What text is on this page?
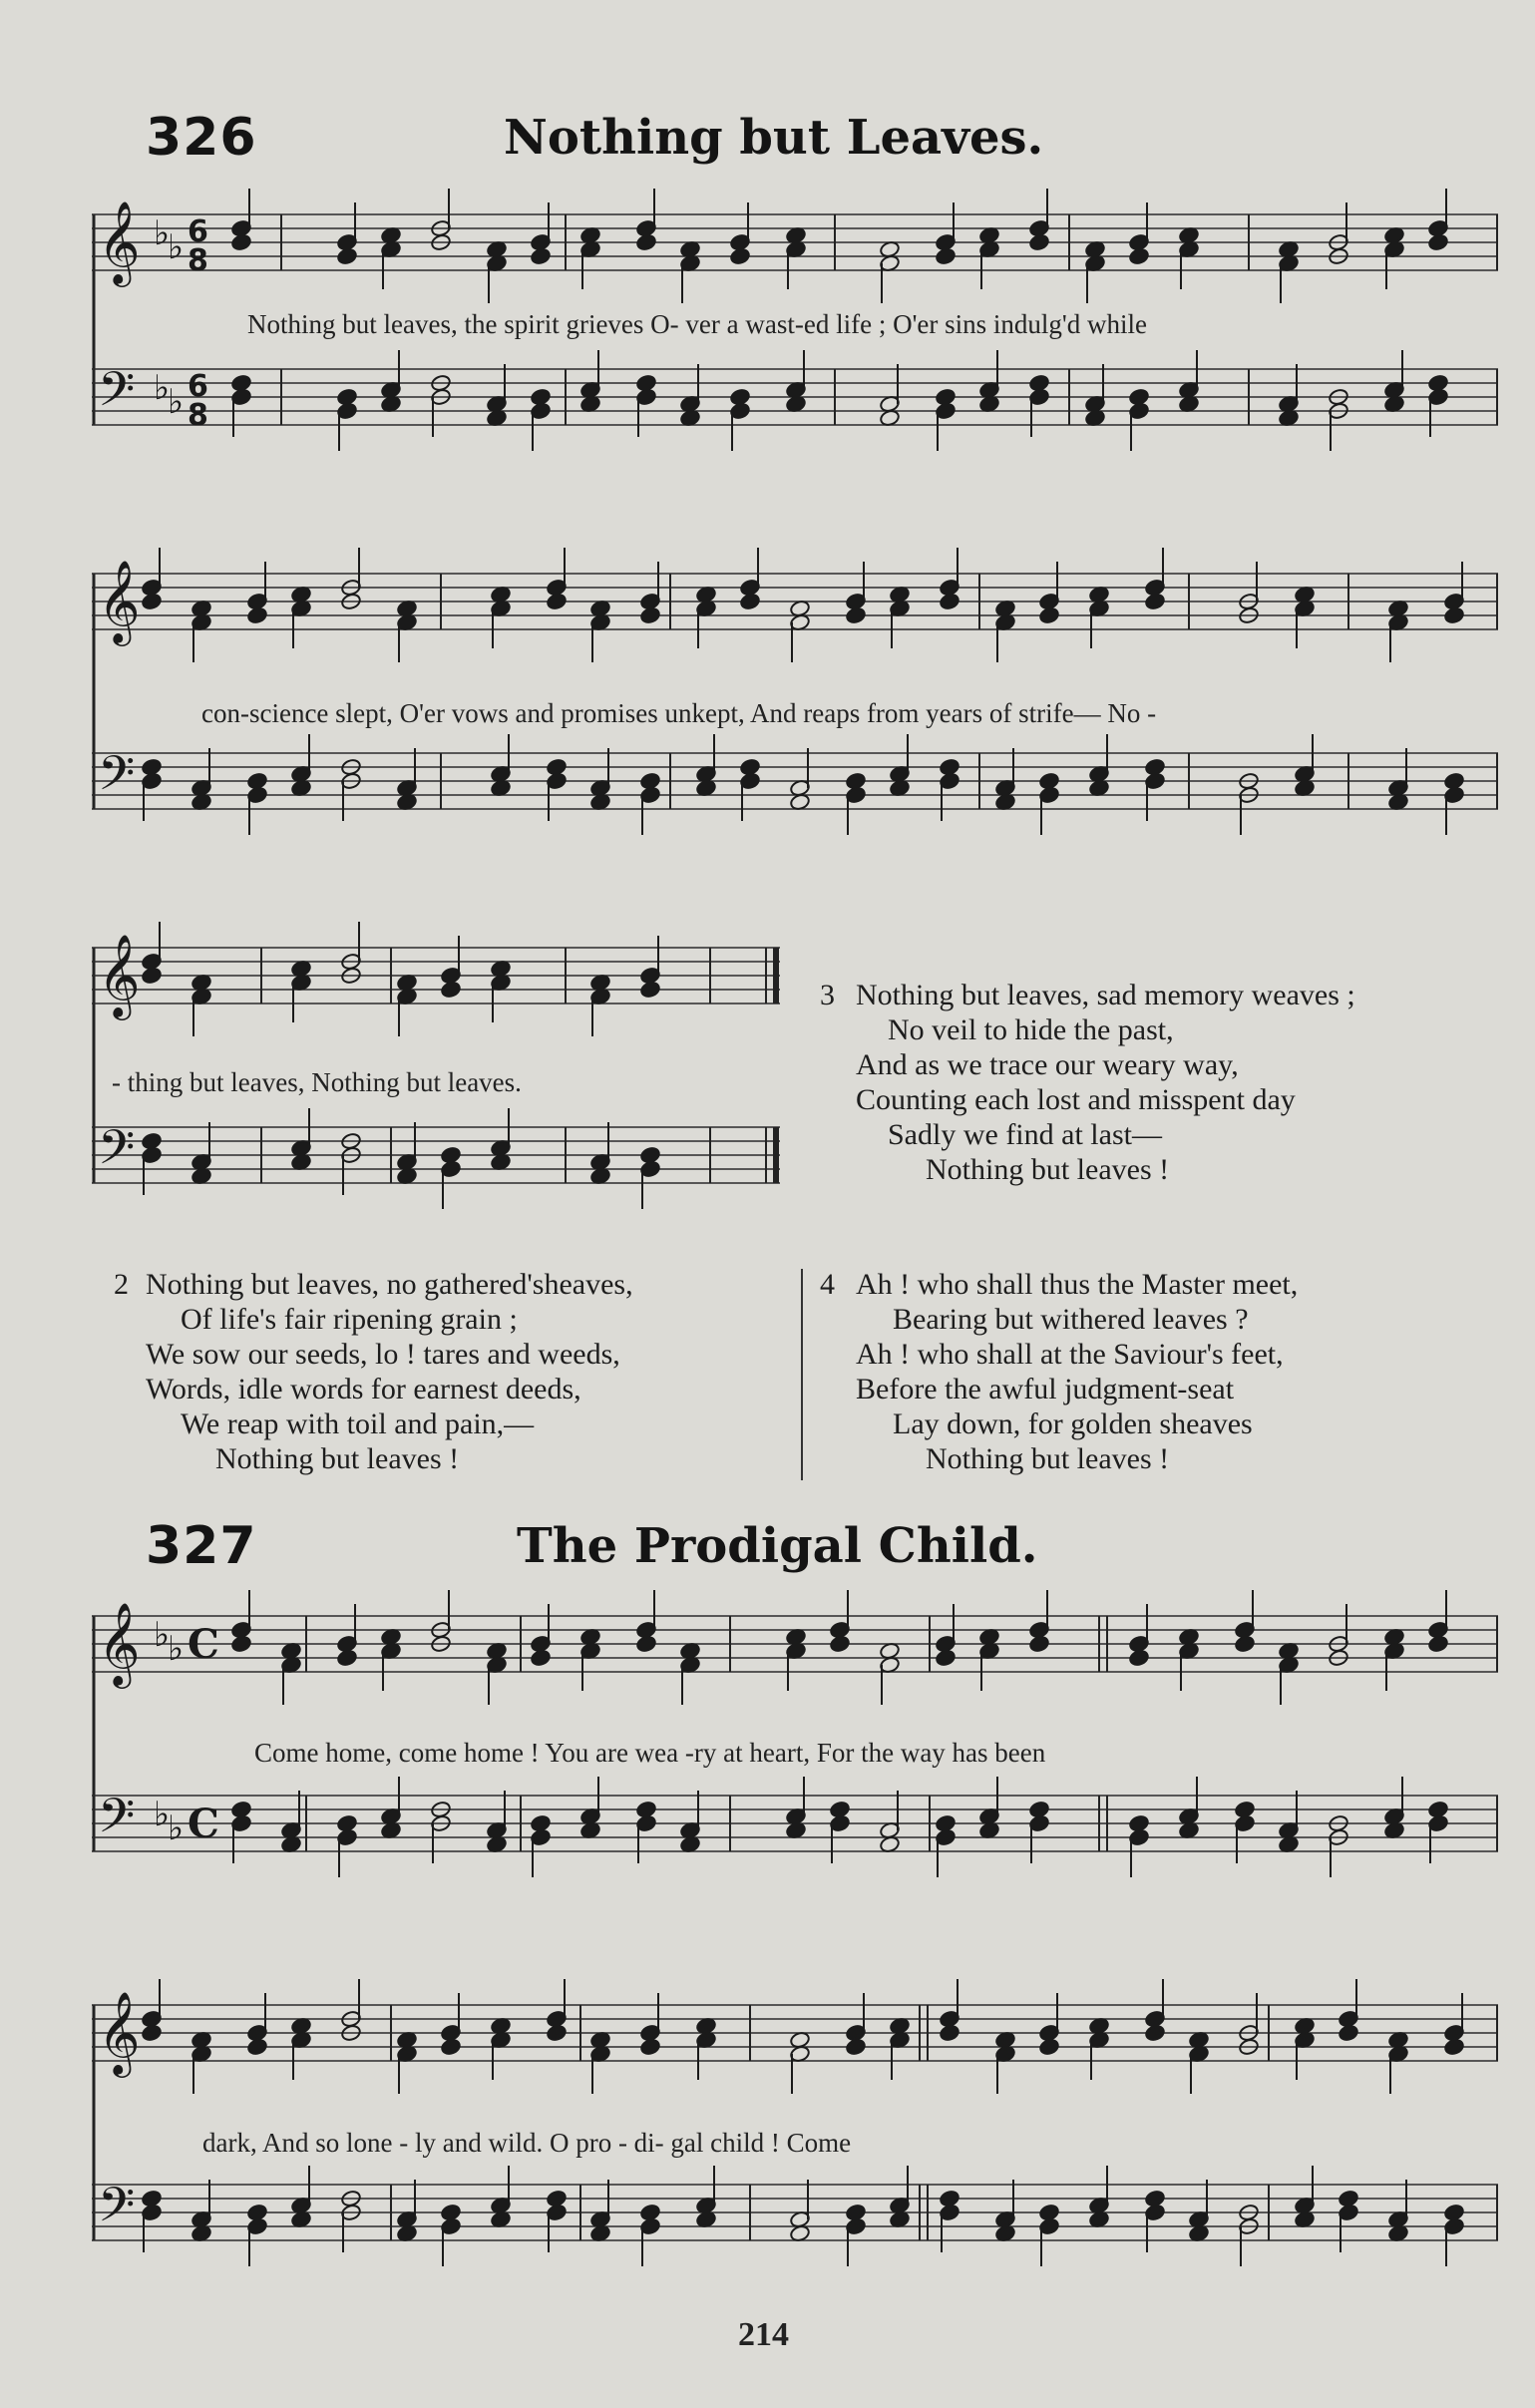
326	Nothing but Leaves.
𝄞 ♭
♭ 6
8
𝄢 ♭
♭ 6
8
Nothing but leaves, the spirit grieves O- ver a wast-ed life ; O'er sins indulg'd while
𝄞
𝄢
con-science slept, O'er vows and promises unkept, And reaps from years of strife— No -
𝄞
𝄢
- thing but leaves, Nothing but leaves.
3 Nothing but leaves, sad memory weaves ;
No veil to hide the past,
And as we trace our weary way,
Counting each lost and misspent day
Sadly we find at last—
Nothing but leaves !
2 Nothing but leaves, no gathered'sheaves,
Of life's fair ripening grain ;
We sow our seeds, lo ! tares and weeds,
Words, idle words for earnest deeds,
We reap with toil and pain,—
Nothing but leaves !
4 Ah ! who shall thus the Master meet,
Bearing but withered leaves ?
Ah ! who shall at the Saviour's feet,
Before the awful judgment-seat
Lay down, for golden sheaves
Nothing but leaves !
327	The Prodigal Child.
𝄞 ♭
♭ C
𝄢 ♭
♭ C
Come home, come home ! You are wea -ry at heart, For the way has been
𝄞
𝄢
dark, And so lone - ly and wild. O pro - di- gal child ! Come
214
